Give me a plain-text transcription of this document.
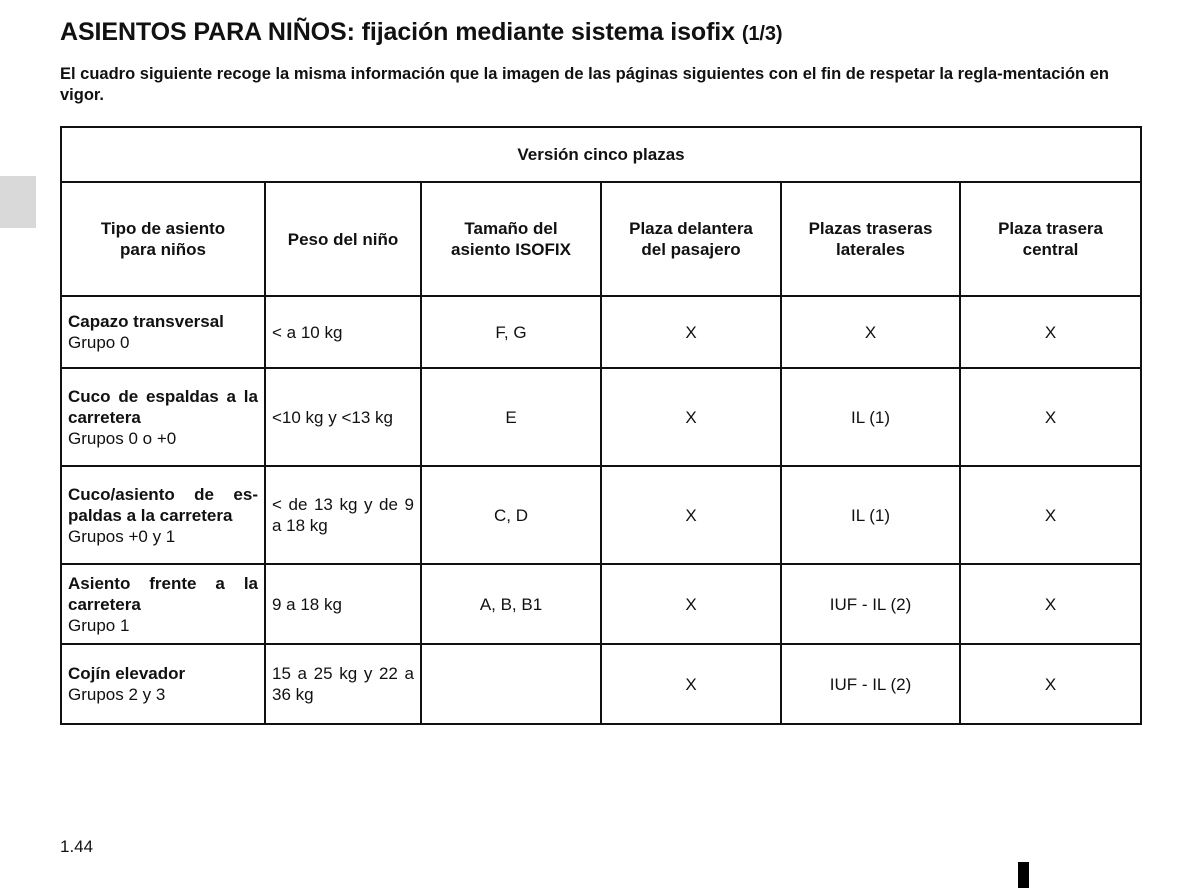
ASIENTOS PARA NIÑOS: fijación mediante sistema isofix (1/3)

El cuadro siguiente recoge la misma información que la imagen de las páginas siguientes con el fin de respetar la regla-mentación en vigor.

Versión cinco plazas					
Tipo de asiento para niños	Peso del niño	Tamaño del asiento ISOFIX	Plaza delantera del pasajero	Plazas traseras laterales	Plaza trasera central

Capazo transversal
Grupo 0	< a 10 kg	F, G	X	X	X

Cuco de espaldas a la carretera
Grupos 0 o +0	<10 kg y <13 kg	E	X	IL (1)	X

Cuco/asiento de es-paldas a la carretera
Grupos +0 y 1	< de 13 kg y de 9 a 18 kg	C, D	X	IL (1)	X

Asiento frente a la carretera
Grupo 1	9 a 18 kg	A, B, B1	X	IUF - IL (2)	X

Cojín elevador
Grupos 2 y 3	15 a 25 kg y 22 a 36 kg		X	IUF - IL (2)	X
1.44
